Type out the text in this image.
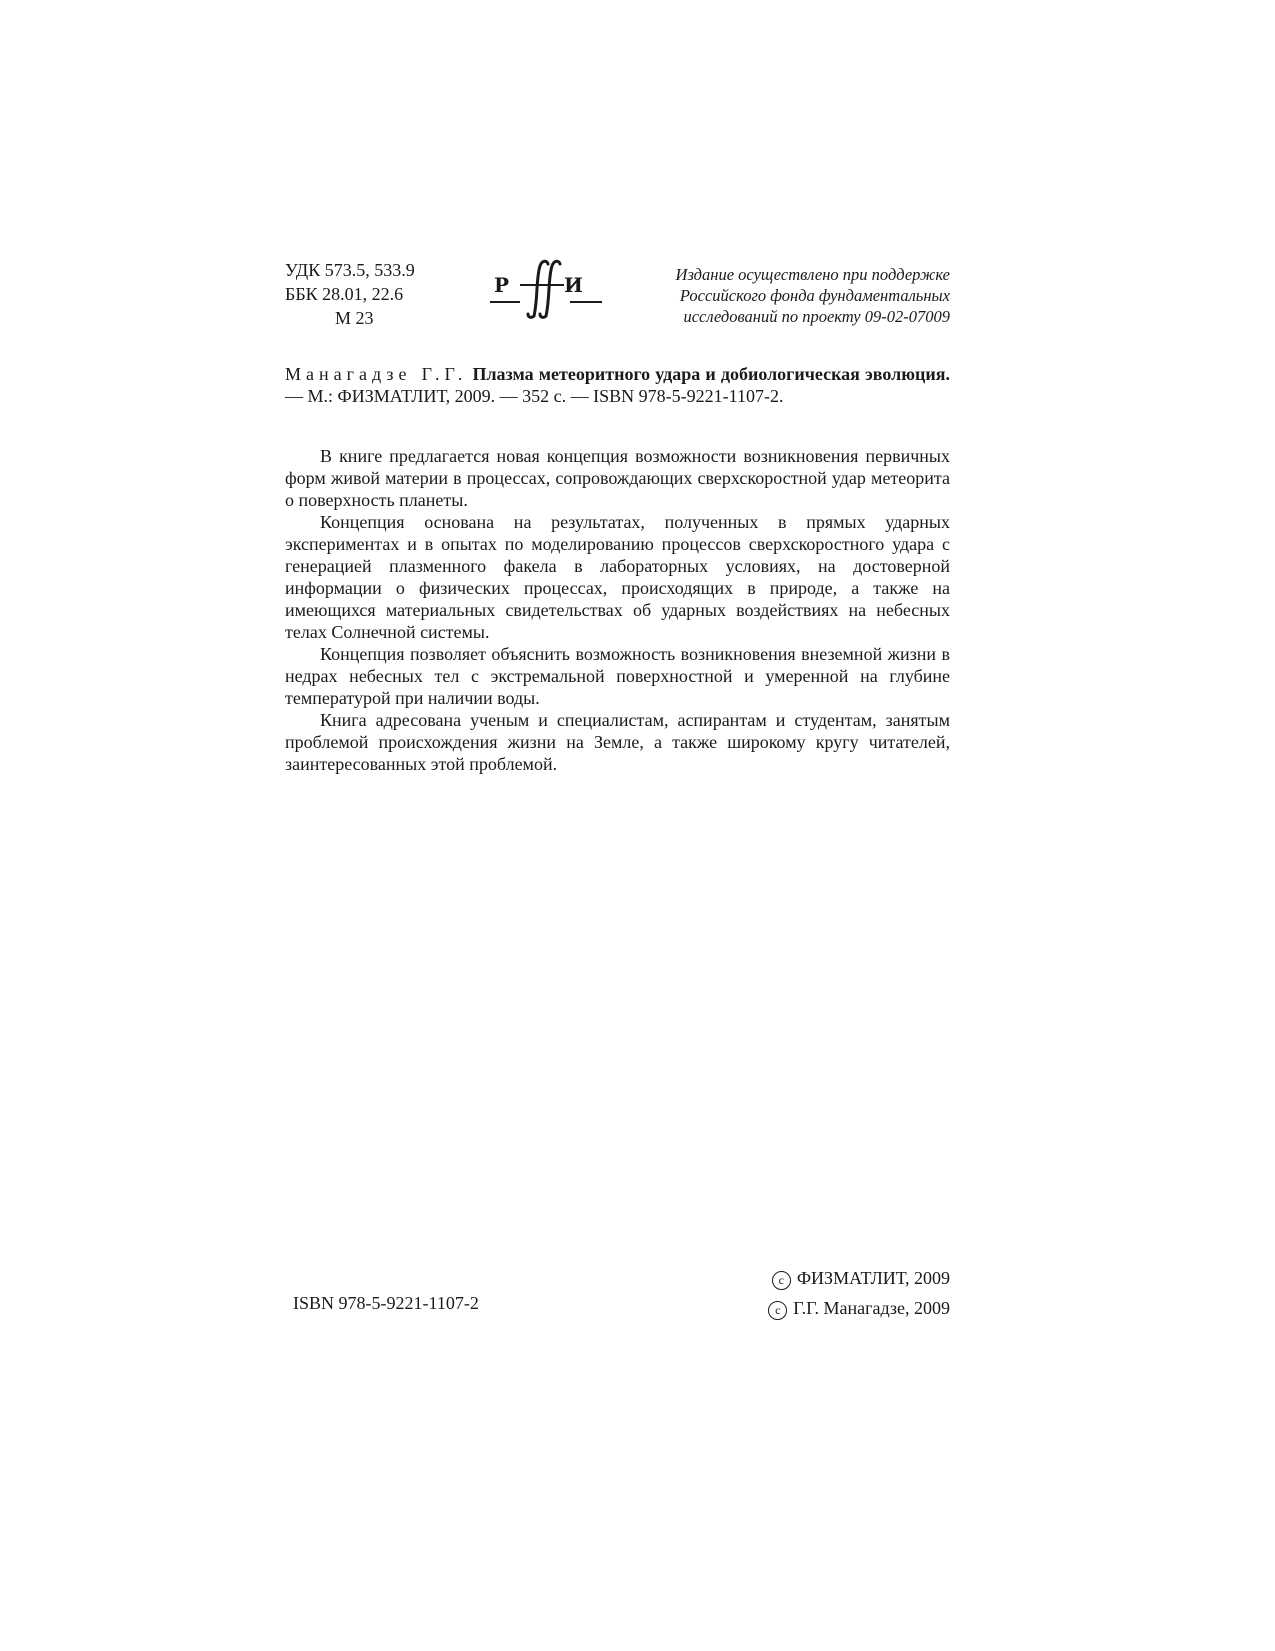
УДК 573.5, 533.9
ББК 28.01, 22.6
М 23
Р	И	Издание осуществлено при поддержке
Российского фонда фундаментальных
исследований по проекту 09-02-07009

Манагадзе Г.Г. Плазма метеоритного удара и добиологическая эволюция. — М.: ФИЗМАТЛИТ, 2009. — 352 с. — ISBN 978-5-9221-1107-2.

В книге предлагается новая концепция возможности возникновения первичных форм живой материи в процессах, сопровождающих сверхскоростной удар метеорита о поверхность планеты.

Концепция основана на результатах, полученных в прямых ударных экспериментах и в опытах по моделированию процессов сверхскоростного удара с генерацией плазменного факела в лабораторных условиях, на достоверной информации о физических процессах, происходящих в природе, а также на имеющихся материальных свидетельствах об ударных воздействиях на небесных телах Солнечной системы.

Концепция позволяет объяснить возможность возникновения внеземной жизни в недрах небесных тел с экстремальной поверхностной и умеренной на глубине температурой при наличии воды.

Книга адресована ученым и специалистам, аспирантам и студентам, занятым проблемой происхождения жизни на Земле, а также широкому кругу читателей, заинтересованных этой проблемой.

ISBN 978-5-9221-1107-2
c ФИЗМАТЛИТ, 2009
c Г.Г. Манагадзе, 2009
